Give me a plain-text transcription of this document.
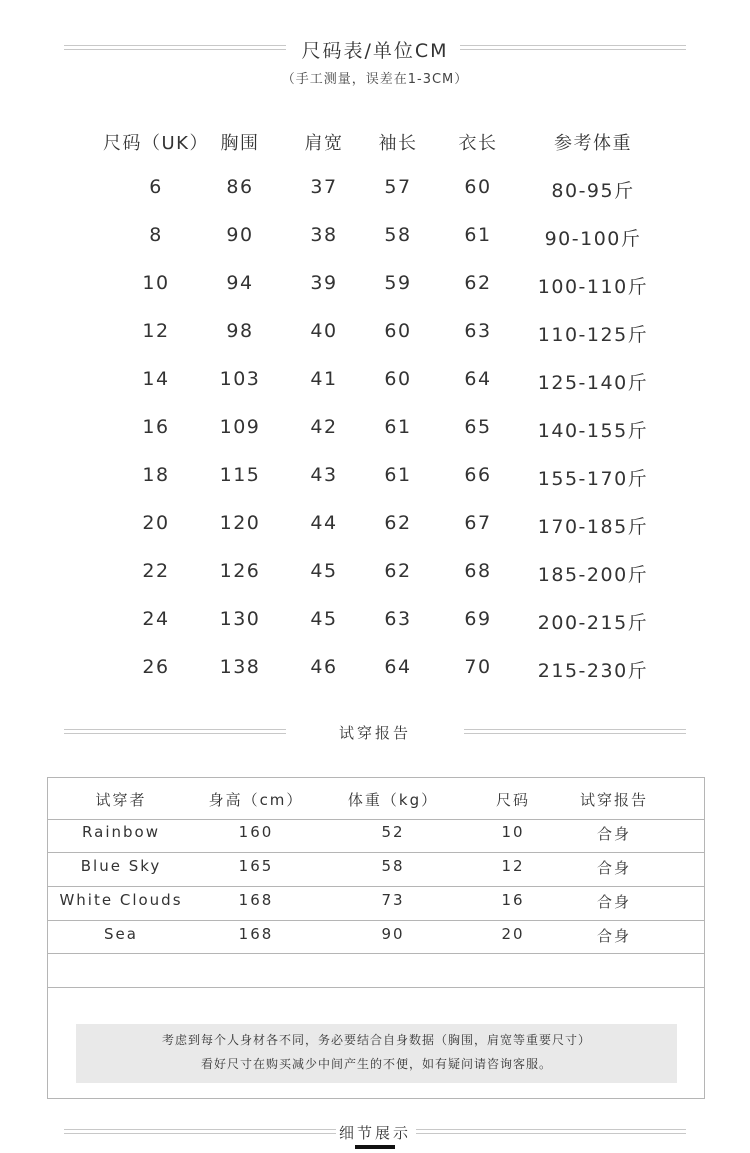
尺码表/单位CM
（手工测量，误差在1-3CM）
尺码（UK） 胸围	肩宽	袖长	衣长	参考体重
6	86	37	57	60	80-95斤
8	90	38	58	61	90-100斤
10	94	39	59	62	100-110斤
12	98	40	60	63	110-125斤
14	103	41	60	64	125-140斤
16	109	42	61	65	140-155斤
18	115	43	61	66	155-170斤
20	120	44	62	67	170-185斤
22	126	45	62	68	185-200斤
24	130	45	63	69	200-215斤
26	138	46	64	70	215-230斤
试穿报告
试穿者	身高（cm）	体重（kg）	尺码	试穿报告
Rainbow	160	52	10	合身
Blue Sky	165	58	12	合身
White Clouds	168	73	16	合身
Sea	168	90	20	合身
考虑到每个人身材各不同，务必要结合自身数据（胸围，肩宽等重要尺寸）
看好尺寸在购买减少中间产生的不便，如有疑问请咨询客服。
细节展示
